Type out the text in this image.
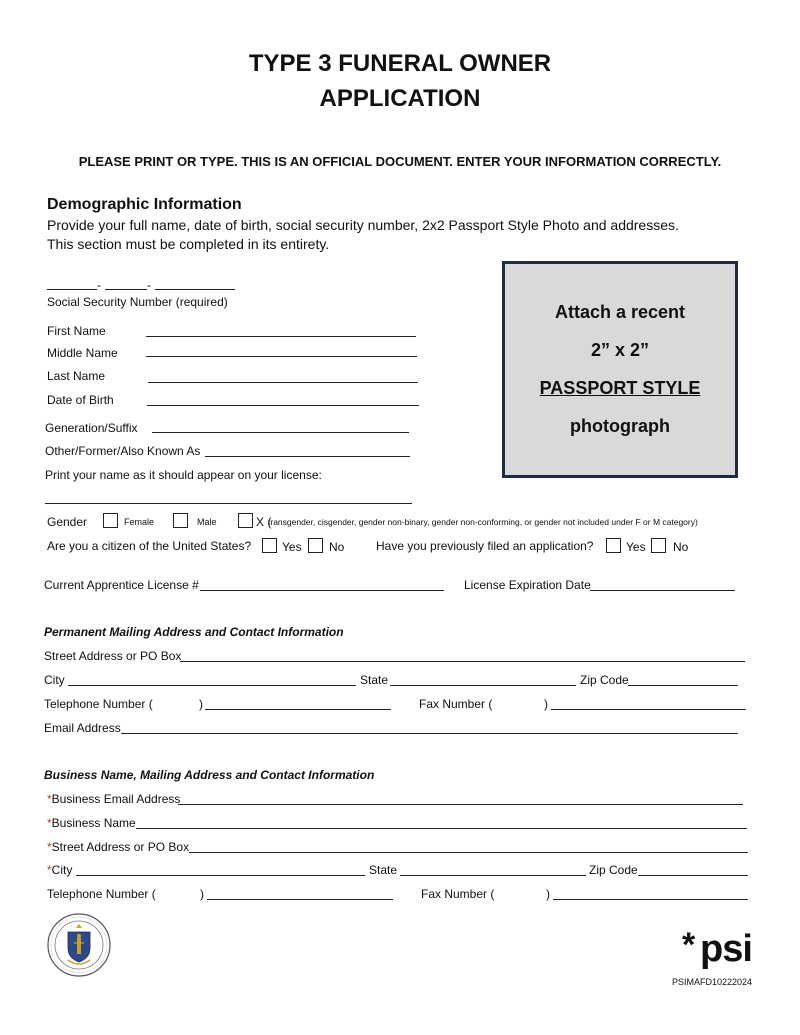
TYPE 3 FUNERAL OWNER
APPLICATION
PLEASE PRINT OR TYPE. THIS IS AN OFFICIAL DOCUMENT. ENTER YOUR INFORMATION CORRECTLY.
Demographic Information
Provide your full name, date of birth, social security number, 2x2 Passport Style Photo and addresses.
This section must be completed in its entirety.
-	-
Social Security Number (required)
First Name
Middle Name
Last Name
Date of Birth
Generation/Suffix
Other/Former/Also Known As
Print your name as it should appear on your license:
Attach a recent
2” x 2”
PASSPORT STYLE
photograph
Gender	Female	Male	X (
transgender, cisgender, gender non-binary, gender non-conforming, or gender not included under F or M category)
Are you a citizen of the United States?	Yes No	Have you previously filed an application?	Yes No
Current Apprentice License #	License Expiration Date
Permanent Mailing Address and Contact Information
Street Address or PO Box
City	State	Zip Code
Telephone Number (	)	Fax Number (	)
Email Address
Business Name, Mailing Address and Contact Information
*Business Email Address
*Business Name
*Street Address or PO Box
*City	State	Zip Code
Telephone Number (	)	Fax Number (	)
* psi
PSIMAFD10222024
